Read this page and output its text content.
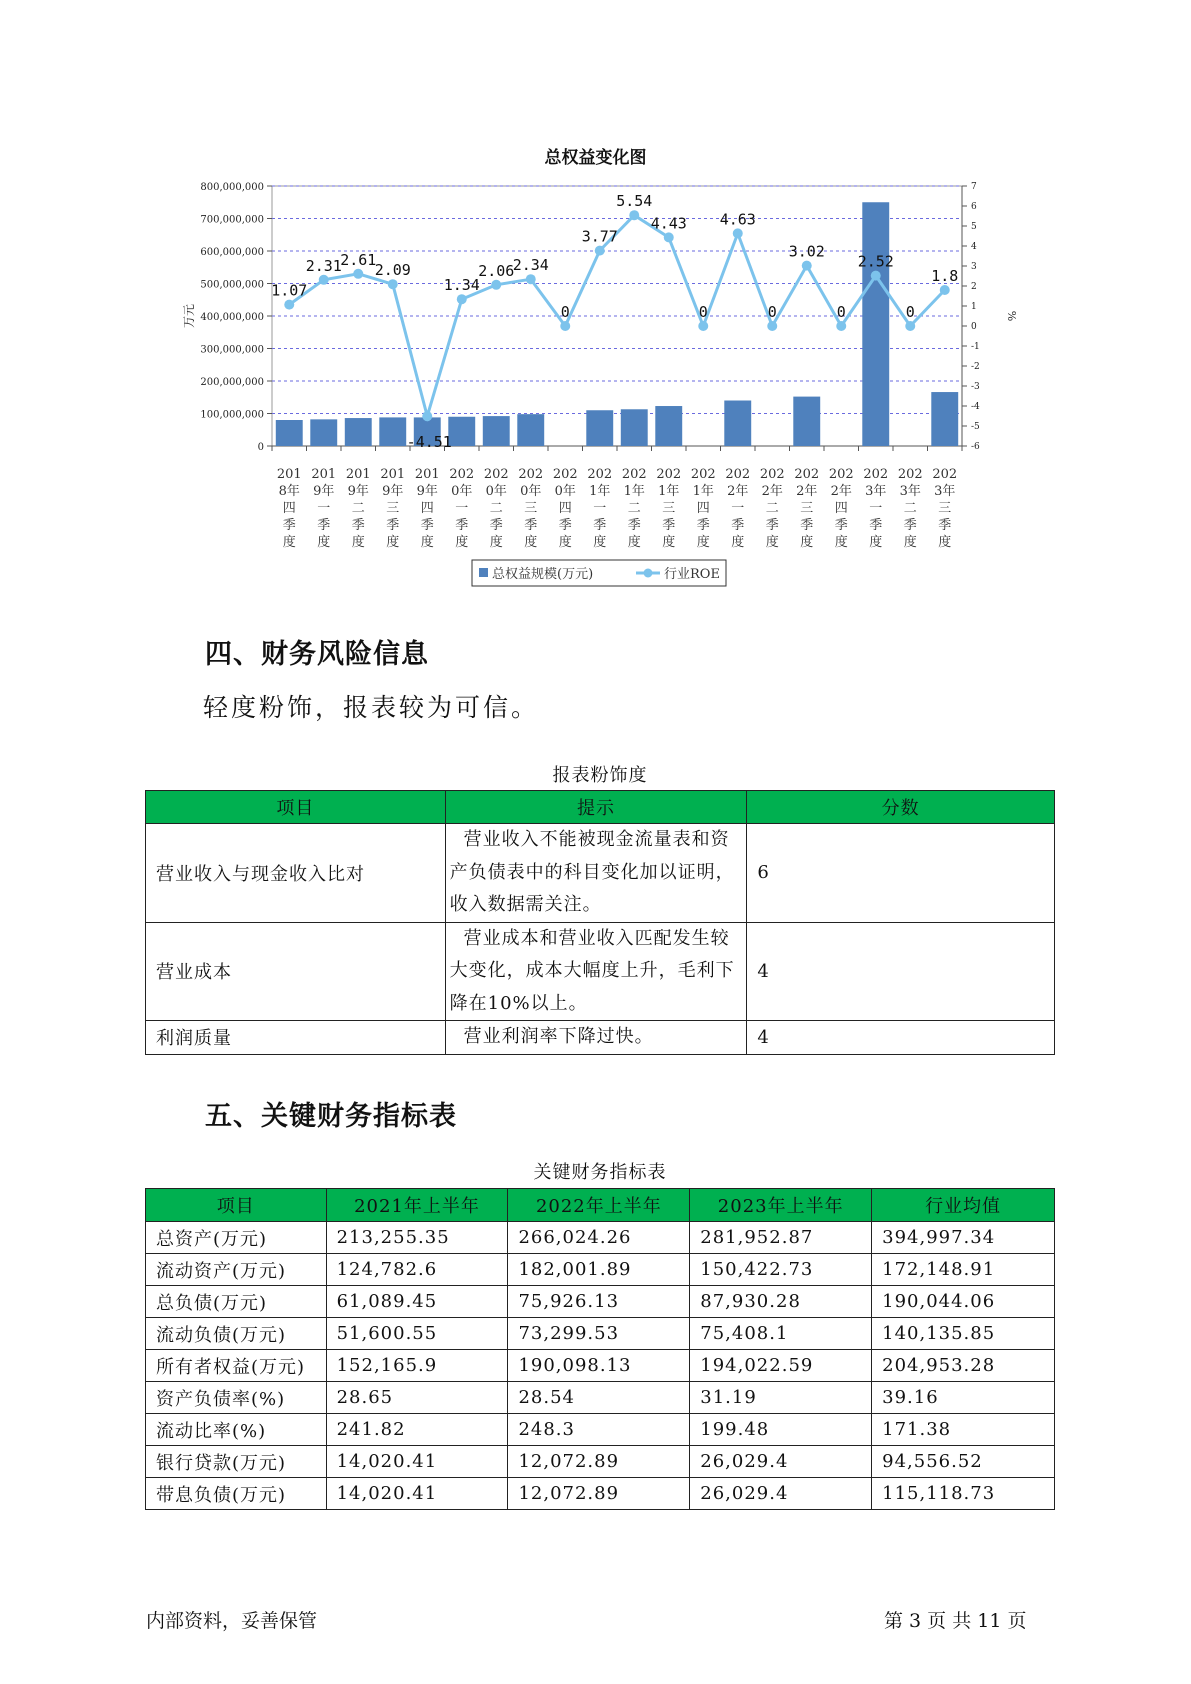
总权益变化图
0
100,000,000
200,000,000
300,000,000
400,000,000
500,000,000
600,000,000
700,000,000
800,000,000
-6
-5
-4
-3
-2
-1
0
1
2
3
4
5
6
7
万元	%
201
8年
四
季
度
201
9年
一
季
度
201
9年
二
季
度
201
9年
三
季
度
201
9年
四
季
度
202
0年
一
季
度
202
0年
二
季
度
202
0年
三
季
度
202
0年
四
季
度
202
1年
一
季
度
202
1年
二
季
度
202
1年
三
季
度
202
1年
四
季
度
202
2年
一
季
度
202
2年
二
季
度
202
2年
三
季
度
202
2年
四
季
度
202
3年
一
季
度
202
3年
二
季
度
202
3年
三
季
度
1.07
2.31
2.61
2.09
-4.51
1.34
2.06
2.34
0
3.77
5.54
4.43
0
4.63
0
3.02
0
2.52
0
1.8
总权益规模(万元)	行业ROE
四、财务风险信息
轻度粉饰，报表较为可信。
报表粉饰度
项目	提示	分数
营业收入与现金收入比对	营业收入不能被现金流量表和资
产负债表中的科目变化加以证明，
收入数据需关注。	6
营业成本	营业成本和营业收入匹配发生较
大变化，成本大幅度上升，毛利下
降在10%以上。	4
利润质量	营业利润率下降过快。	4
五、关键财务指标表
关键财务指标表
项目	2021年上半年	2022年上半年	2023年上半年	行业均值
总资产(万元)	213,255.35	266,024.26	281,952.87	394,997.34
流动资产(万元)	124,782.6	182,001.89	150,422.73	172,148.91
总负债(万元)	61,089.45	75,926.13	87,930.28	190,044.06
流动负债(万元)	51,600.55	73,299.53	75,408.1	140,135.85
所有者权益(万元)	152,165.9	190,098.13	194,022.59	204,953.28
资产负债率(%)	28.65	28.54	31.19	39.16
流动比率(%)	241.82	248.3	199.48	171.38
银行贷款(万元)	14,020.41	12,072.89	26,029.4	94,556.52
带息负债(万元)	14,020.41	12,072.89	26,029.4	115,118.73
内部资料，妥善保管	第 3 页 共 11 页
